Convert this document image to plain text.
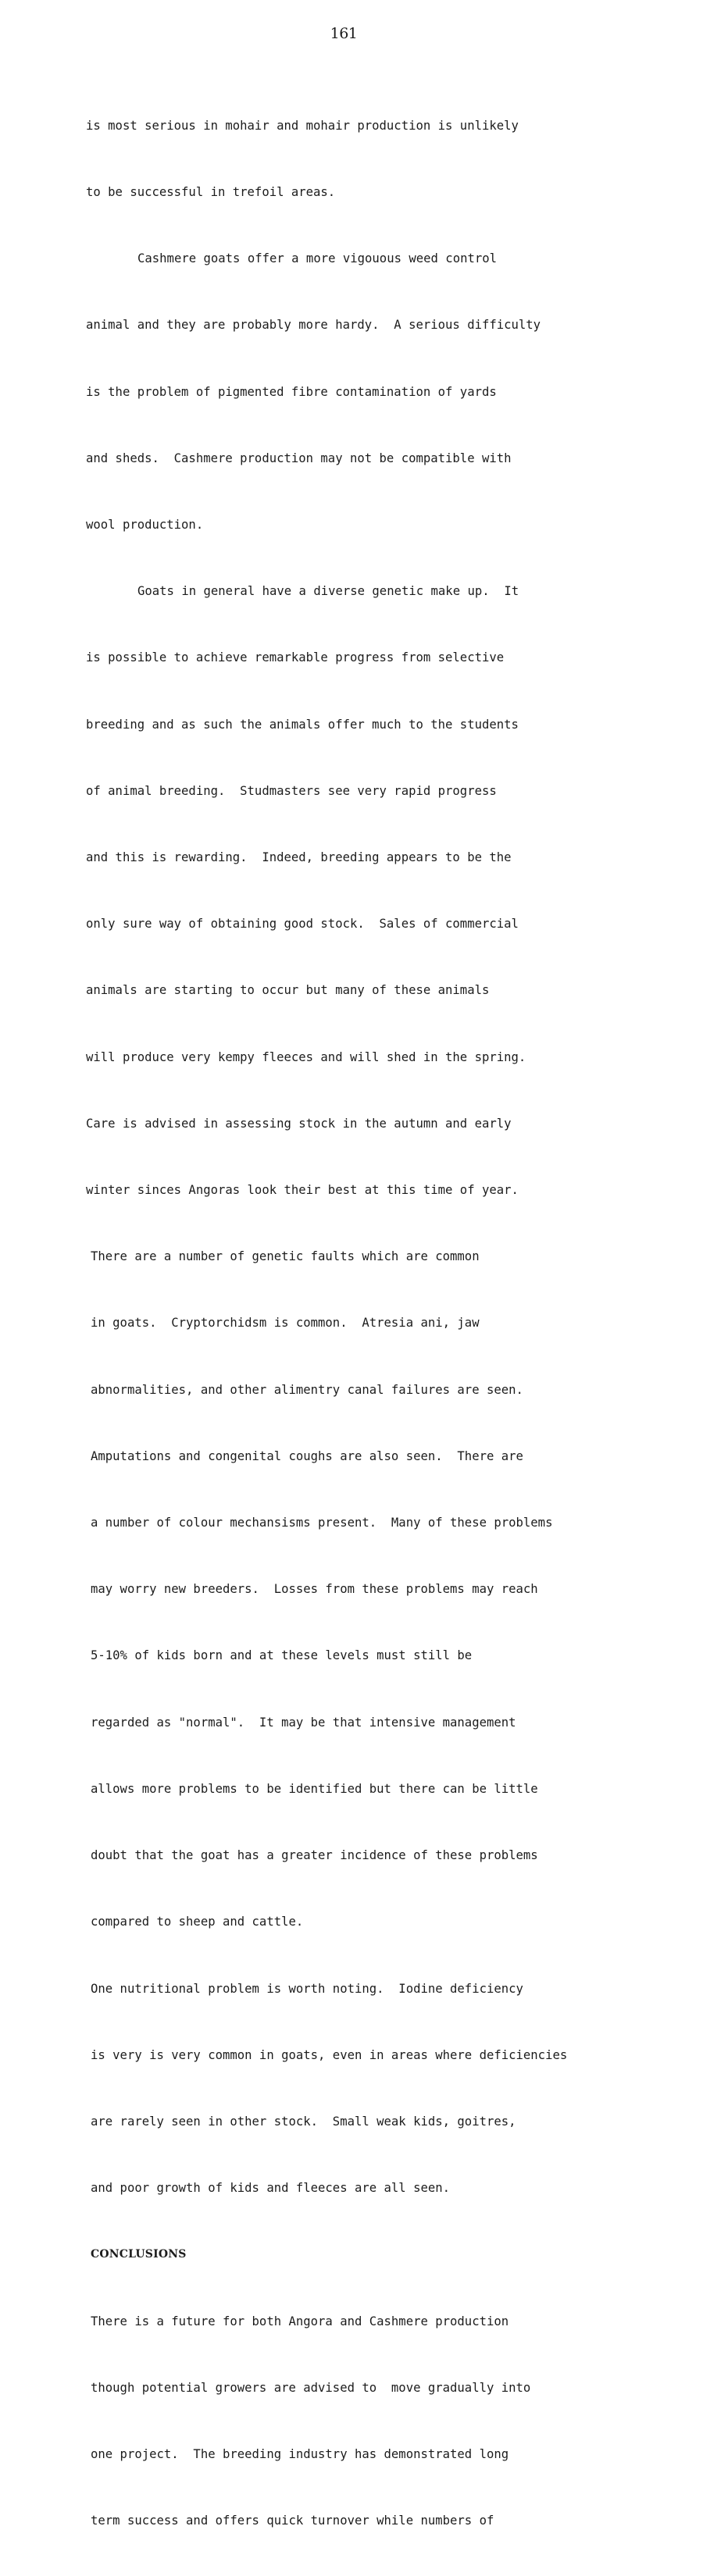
161

is most serious in mohair and mohair production is unlikely

to be successful in trefoil areas.

Cashmere goats offer a more vigouous weed control

animal and they are probably more hardy.  A serious difficulty

is the problem of pigmented fibre contamination of yards

and sheds.  Cashmere production may not be compatible with

wool production.

Goats in general have a diverse genetic make up.  It

is possible to achieve remarkable progress from selective

breeding and as such the animals offer much to the students

of animal breeding.  Studmasters see very rapid progress

and this is rewarding.  Indeed, breeding appears to be the

only sure way of obtaining good stock.  Sales of commercial

animals are starting to occur but many of these animals

will produce very kempy fleeces and will shed in the spring.

Care is advised in assessing stock in the autumn and early

winter sinces Angoras look their best at this time of year.

There are a number of genetic faults which are common

in goats.  Cryptorchidsm is common.  Atresia ani, jaw

abnormalities, and other alimentry canal failures are seen.

Amputations and congenital coughs are also seen.  There are

a number of colour mechansisms present.  Many of these problems

may worry new breeders.  Losses from these problems may reach

5-10% of kids born and at these levels must still be

regarded as "normal".  It may be that intensive management

allows more problems to be identified but there can be little

doubt that the goat has a greater incidence of these problems

compared to sheep and cattle.

One nutritional problem is worth noting.  Iodine deficiency

is very is very common in goats, even in areas where deficiencies

are rarely seen in other stock.  Small weak kids, goitres,

and poor growth of kids and fleeces are all seen.

CONCLUSIONS

There is a future for both Angora and Cashmere production

though potential growers are advised to  move gradually into

one project.  The breeding industry has demonstrated long

term success and offers quick turnover while numbers of
